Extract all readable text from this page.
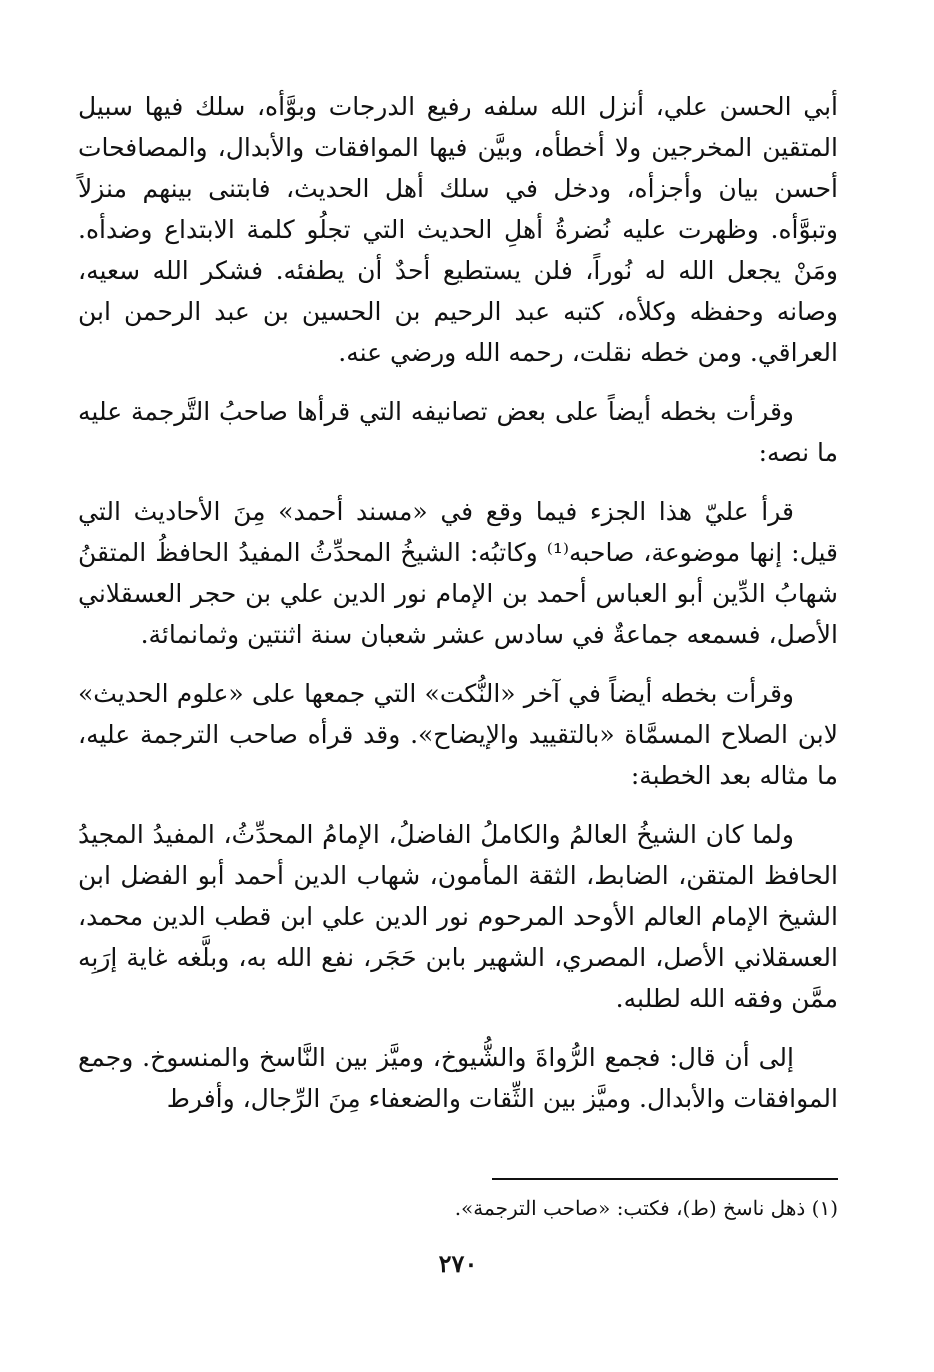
أبي الحسن علي، أنزل الله سلفه رفيع الدرجات وبوَّأه، سلك فيها سبيل المتقين المخرجين ولا أخطأه، وبيَّن فيها الموافقات والأبدال، والمصافحات أحسن بيان وأجزأه، ودخل في سلك أهل الحديث، فابتنى بينهم منزلاً وتبوَّأه. وظهرت عليه نُضرةُ أهلِ الحديث التي تجلُو كلمة الابتداع وضدأه. ومَنْ يجعل الله له نُوراً، فلن يستطيع أحدٌ أن يطفئه. فشكر الله سعيه، وصانه وحفظه وكلأه، كتبه عبد الرحيم بن الحسين بن عبد الرحمن ابن العراقي. ومن خطه نقلت، رحمه الله ورضي عنه.

وقرأت بخطه أيضاً على بعض تصانيفه التي قرأها صاحبُ التَّرجمة عليه ما نصه:

قرأ عليّ هذا الجزء فيما وقع في «مسند أحمد» مِنَ الأحاديث التي قيل: إنها موضوعة، صاحبه⁽¹⁾ وكاتبُه: الشيخُ المحدِّثُ المفيدُ الحافظُ المتقنُ شهابُ الدِّين أبو العباس أحمد بن الإمام نور الدين علي بن حجر العسقلاني الأصل، فسمعه جماعةٌ في سادس عشر شعبان سنة اثنتين وثمانمائة.

وقرأت بخطه أيضاً في آخر «النُّكت» التي جمعها على «علوم الحديث» لابن الصلاح المسمَّاة «بالتقييد والإيضاح». وقد قرأه صاحب الترجمة عليه، ما مثاله بعد الخطبة:

ولما كان الشيخُ العالمُ والكاملُ الفاضلُ، الإمامُ المحدِّثُ، المفيدُ المجيدُ الحافظ المتقن، الضابط، الثقة المأمون، شهاب الدين أحمد أبو الفضل ابن الشيخ الإمام العالم الأوحد المرحوم نور الدين علي ابن قطب الدين محمد، العسقلاني الأصل، المصري، الشهير بابن حَجَر، نفع الله به، وبلَّغه غاية إرَبِه ممَّن وفقه الله لطلبه.

إلى أن قال: فجمع الرُّواةَ والشُّيوخ، وميَّز بين النَّاسخ والمنسوخ. وجمع الموافقات والأبدال. وميَّز بين الثِّقات والضعفاء مِنَ الرِّجال، وأفرط

(١) ذهل ناسخ (ط)، فكتب: «صاحب الترجمة».
٢٧٠
